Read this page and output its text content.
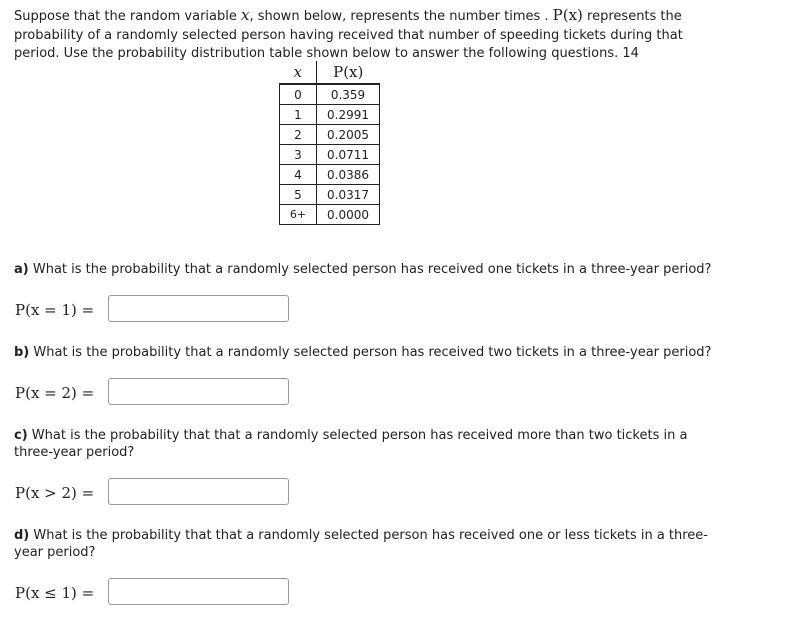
Suppose that the random variable x, shown below, represents the number times . P(x) represents the probability of a randomly selected person having received that number of speeding tickets during that period. Use the probability distribution table shown below to answer the following questions. 14
x	P(x)
0	0.359
1	0.2991
2	0.2005
3	0.0711
4	0.0386
5	0.0317
6+	0.0000
a) What is the probability that a randomly selected person has received one tickets in a three-year period?
P(x = 1) =
b) What is the probability that a randomly selected person has received two tickets in a three-year period?
P(x = 2) =
c) What is the probability that that a randomly selected person has received more than two tickets in a three-year period?
P(x > 2) =
d) What is the probability that that a randomly selected person has received one or less tickets in a three-year period?
P(x ≤ 1) =
